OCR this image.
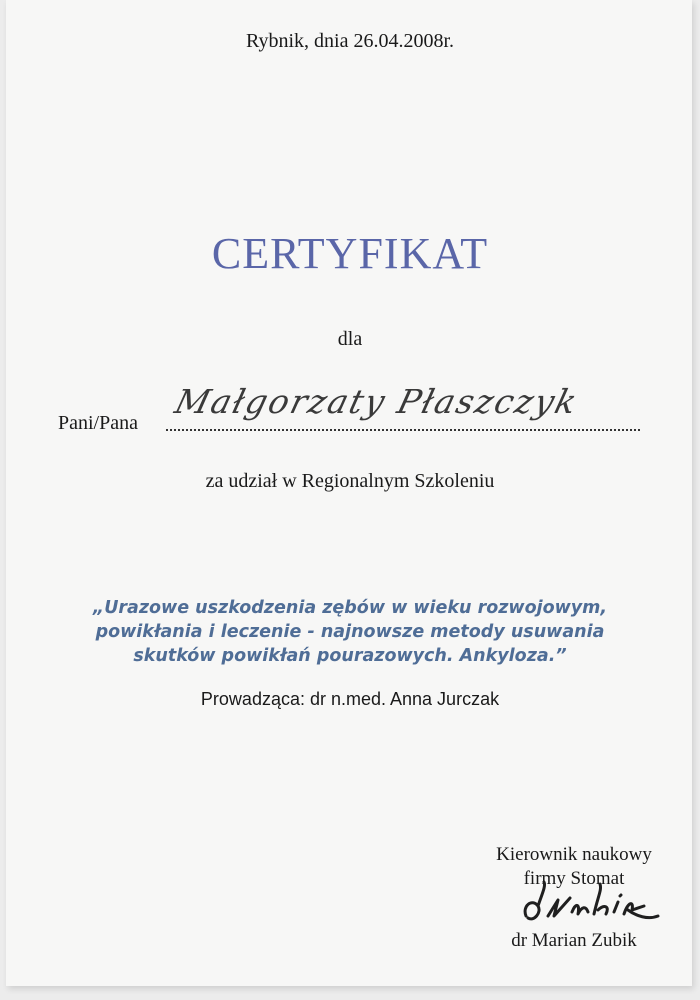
Rybnik, dnia 26.04.2008r.
CERTYFIKAT
dla
Pani/Pana
Małgorzaty Płaszczyk
za udział w Regionalnym Szkoleniu
„Urazowe uszkodzenia zębów w wieku rozwojowym,
powikłania i leczenie - najnowsze metody usuwania
skutków powikłań pourazowych. Ankyloza.”
Prowadząca: dr n.med. Anna Jurczak
Kierownik naukowy
firmy Stomat
dr Marian Zubik
